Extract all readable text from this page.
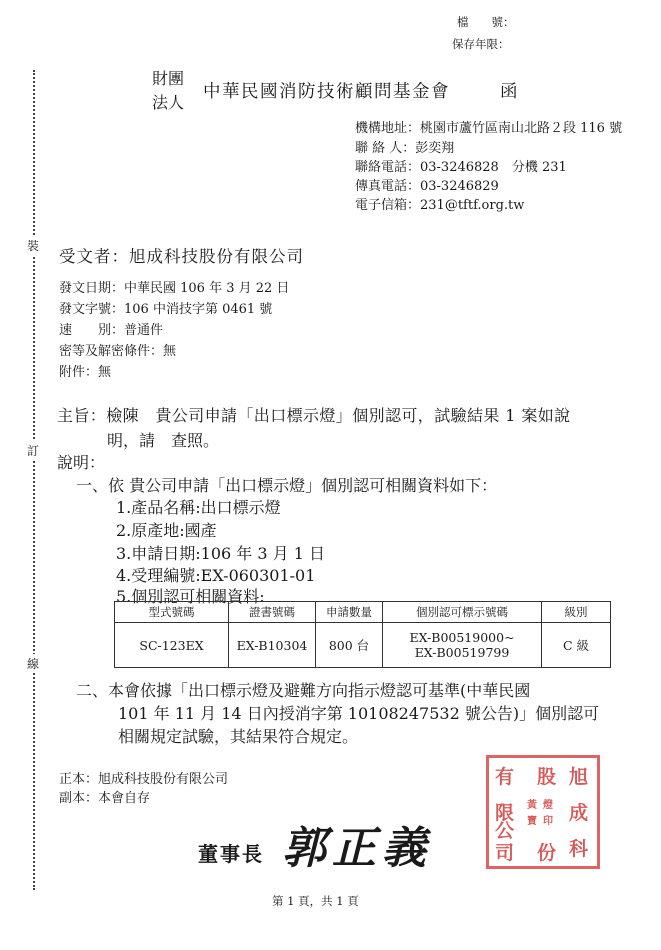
檔　　號：
保存年限：
裝
訂
線
財團
法人
中華民國消防技術顧問基金會	函
機構地址：桃園市蘆竹區南山北路２段 116 號
聯 絡 人：彭奕翔
聯絡電話：03-3246828　分機 231
傳真電話：03-3246829
電子信箱：231@tftf.org.tw
受文者：旭成科技股份有限公司
發文日期：中華民國 106 年 3 月 22 日
發文字號：106 中消技字第 0461 號
速　　別：普通件
密等及解密條件：無
附件：無
主旨：檢陳　貴公司申請「出口標示燈」個別認可，試驗結果 1 案如說
明，請　查照。
說明：
一、依 貴公司申請「出口標示燈」個別認可相關資料如下：
1.產品名稱:出口標示燈
2.原產地:國產
3.申請日期:106 年 3 月 1 日
4.受理編號:EX-060301-01
5.個別認可相關資料:
型式號碼	證書號碼	申請數量	個別認可標示號碼	級別
SC-123EX	EX-B10304	800 台	EX-B00519000~
EX-B00519799	C 級
二、本會依據「出口標示燈及避難方向指示燈認可基準(中華民國
101 年 11 月 14 日內授消字第 10108247532 號公告)」個別認可
相關規定試驗，其結果符合規定。
正本：旭成科技股份有限公司
副本：本會自存
旭
股
有
成
限
科
公
司 份
黃 燈
寶 印
董事長 郭正義
第 1 頁，共 1 頁
